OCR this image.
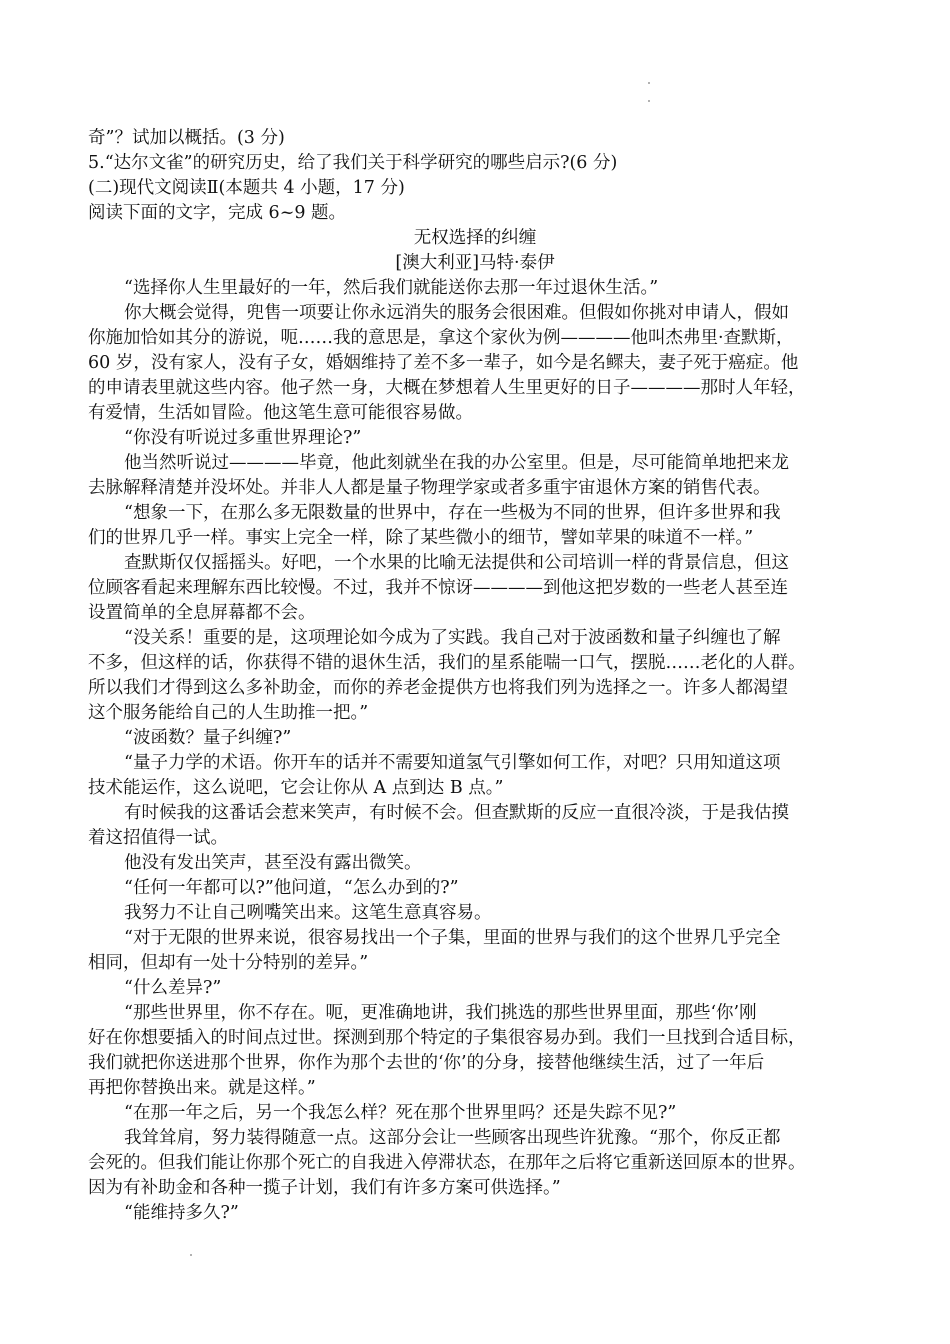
奇”？试加以概括。(3 分)
5.“达尔文雀”的研究历史，给了我们关于科学研究的哪些启示?(6 分)
(二)现代文阅读Ⅱ(本题共 4 小题，17 分)
阅读下面的文字，完成 6~9 题。
无权选择的纠缠
[澳大利亚]马特·泰伊
“选择你人生里最好的一年，然后我们就能送你去那一年过退休生活。”
你大概会觉得，兜售一项要让你永远消失的服务会很困难。但假如你挑对申请人，假如
你施加恰如其分的游说，呃……我的意思是，拿这个家伙为例————他叫杰弗里·查默斯，
60 岁，没有家人，没有子女，婚姻维持了差不多一辈子，如今是名鳏夫，妻子死于癌症。他
的申请表里就这些内容。他孑然一身，大概在梦想着人生里更好的日子————那时人年轻，
有爱情，生活如冒险。他这笔生意可能很容易做。
“你没有听说过多重世界理论?”
他当然听说过————毕竟，他此刻就坐在我的办公室里。但是，尽可能简单地把来龙
去脉解释清楚并没坏处。并非人人都是量子物理学家或者多重宇宙退休方案的销售代表。
“想象一下，在那么多无限数量的世界中，存在一些极为不同的世界，但许多世界和我
们的世界几乎一样。事实上完全一样，除了某些微小的细节，譬如苹果的味道不一样。”
查默斯仅仅摇摇头。好吧，一个水果的比喻无法提供和公司培训一样的背景信息，但这
位顾客看起来理解东西比较慢。不过，我并不惊讶————到他这把岁数的一些老人甚至连
设置简单的全息屏幕都不会。
“没关系！重要的是，这项理论如今成为了实践。我自己对于波函数和量子纠缠也了解
不多，但这样的话，你获得不错的退休生活，我们的星系能喘一口气，摆脱……老化的人群。
所以我们才得到这么多补助金，而你的养老金提供方也将我们列为选择之一。许多人都渴望
这个服务能给自己的人生助推一把。”
“波函数？量子纠缠?”
“量子力学的术语。你开车的话并不需要知道氢气引擎如何工作，对吧？只用知道这项
技术能运作，这么说吧，它会让你从 A 点到达 B 点。”
有时候我的这番话会惹来笑声，有时候不会。但查默斯的反应一直很冷淡，于是我估摸
着这招值得一试。
他没有发出笑声，甚至没有露出微笑。
“任何一年都可以?”他问道，“怎么办到的?”
我努力不让自己咧嘴笑出来。这笔生意真容易。
“对于无限的世界来说，很容易找出一个子集，里面的世界与我们的这个世界几乎完全
相同，但却有一处十分特别的差异。”
“什么差异?”
“那些世界里，你不存在。呃，更准确地讲，我们挑选的那些世界里面，那些‘你’刚
好在你想要插入的时间点过世。探测到那个特定的子集很容易办到。我们一旦找到合适目标，
我们就把你送进那个世界，你作为那个去世的‘你’的分身，接替他继续生活，过了一年后
再把你替换出来。就是这样。”
“在那一年之后，另一个我怎么样？死在那个世界里吗？还是失踪不见?”
我耸耸肩，努力装得随意一点。这部分会让一些顾客出现些许犹豫。“那个，你反正都
会死的。但我们能让你那个死亡的自我进入停滞状态，在那年之后将它重新送回原本的世界。
因为有补助金和各种一揽子计划，我们有许多方案可供选择。”
“能维持多久?”
